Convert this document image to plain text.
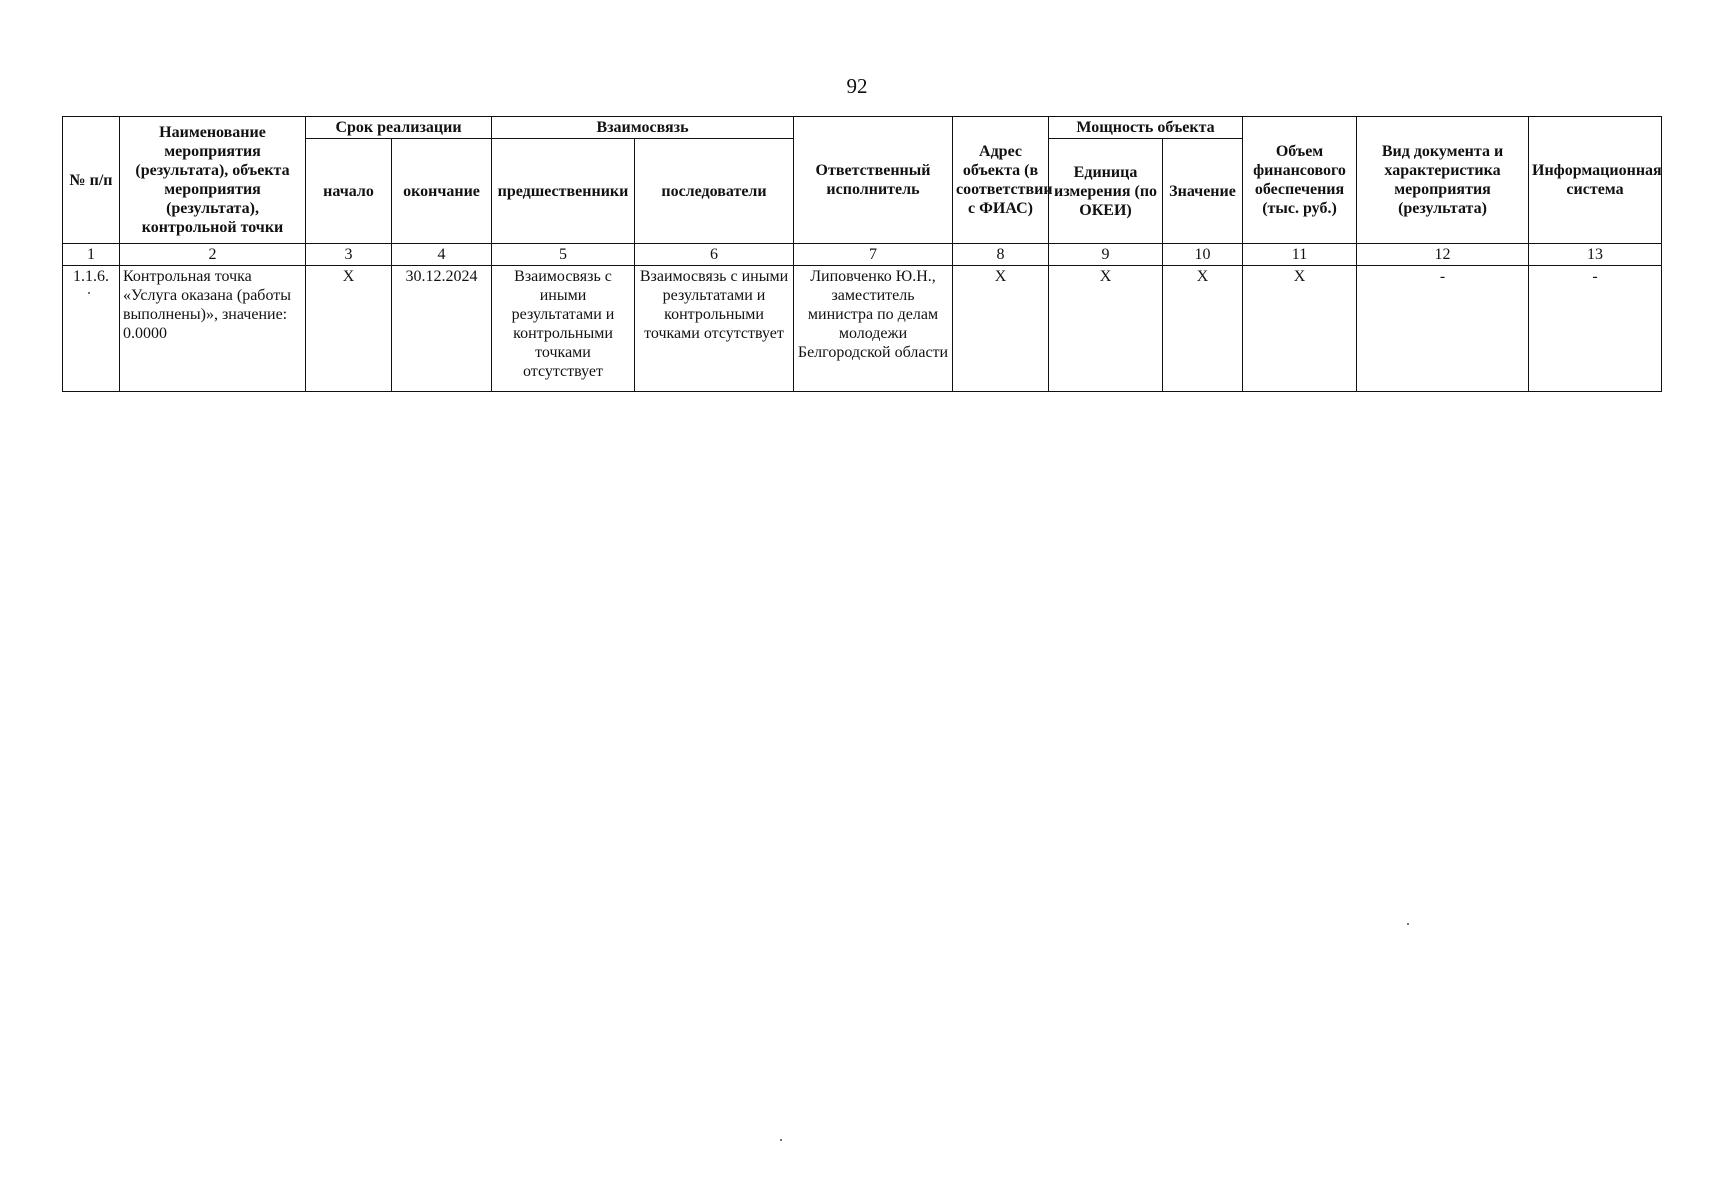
92
№ п/п	Наименование мероприятия (результата), объекта мероприятия (результата), контрольной точки	Срок реализации		Взаимосвязь		Ответственный исполнитель	Адрес объекта (в соответствии с ФИАС)	Мощность объекта		Объем финансового обеспечения (тыс. руб.)	Вид документа и характеристика мероприятия (результата)	Информационная система
		начало	окончание	предшественники	последователи			Единица измерения (по ОКЕИ)	Значение			
1	2	3	4	5	6	7	8	9	10	11	12	13
1.1.6.	Контрольная точка «Услуга оказана (работы выполнены)», значение: 0.0000	X	30.12.2024	Взаимосвязь с иными результатами и контрольными точками отсутствует	Взаимосвязь с иными результатами и контрольными точками отсутствует	Липовченко Ю.Н., заместитель министра по делам молодежи Белгородской области	X	X	X	X	-	-
